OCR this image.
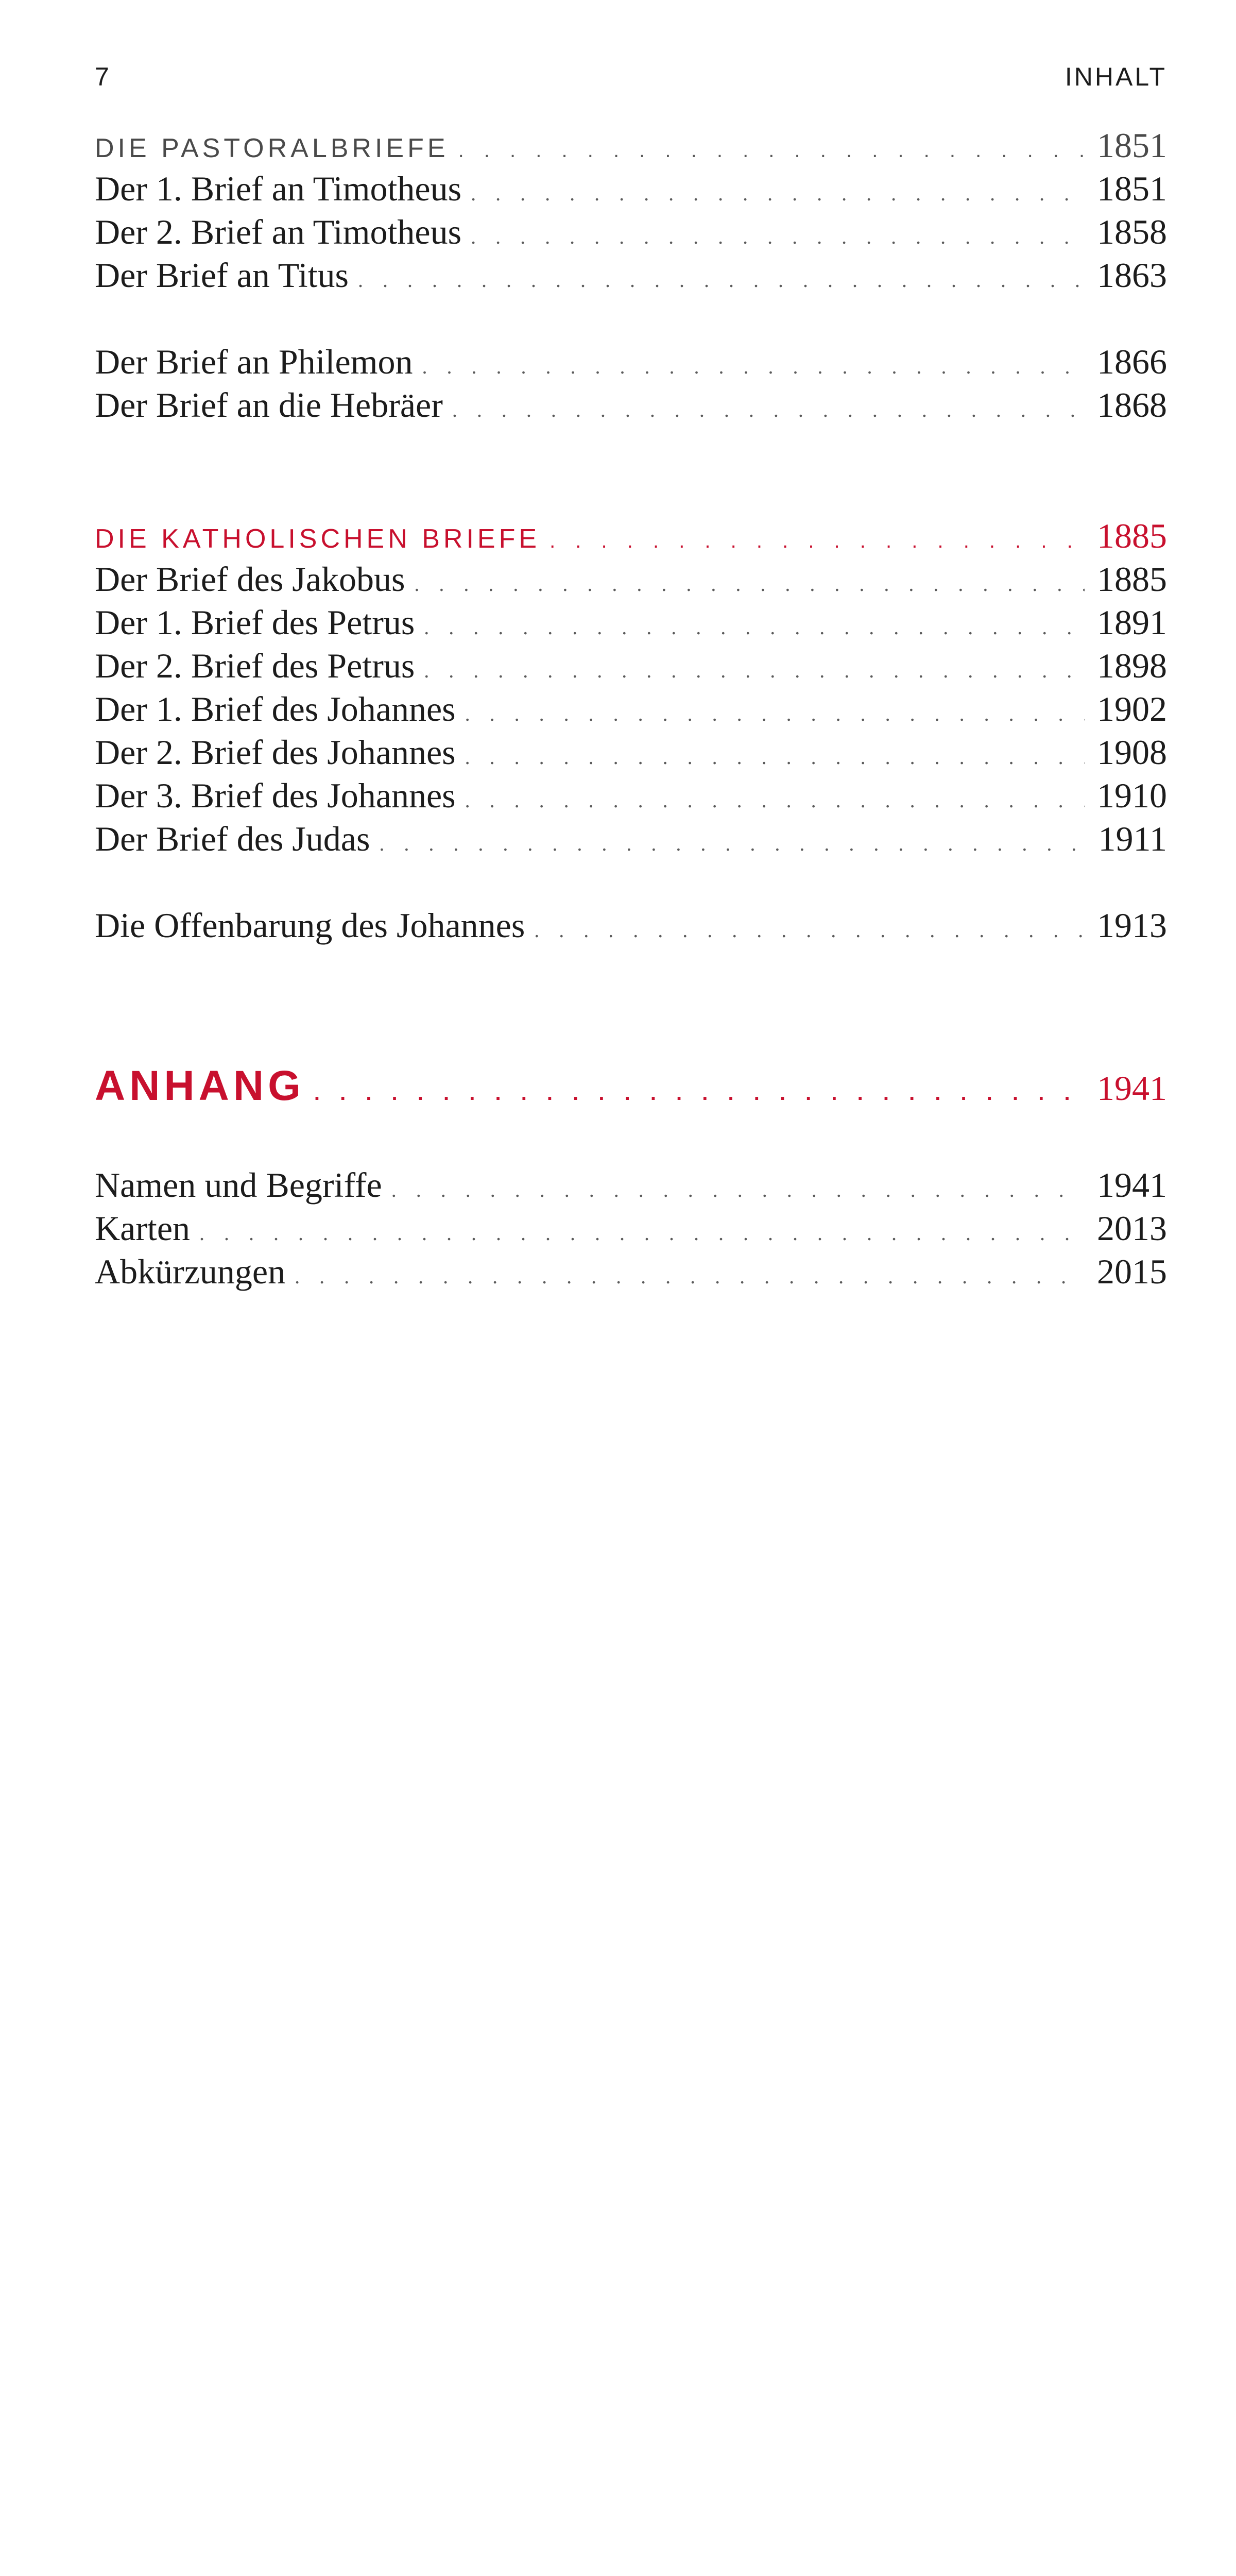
7	INHALT
DIE PASTORALBRIEFE . . .	1851
Der 1. Brief an Timotheus . . .	1851
Der 2. Brief an Timotheus . . .	1858
Der Brief an Titus . . .	1863
Der Brief an Philemon . . .	1866
Der Brief an die Hebräer . . .	1868
DIE KATHOLISCHEN BRIEFE . . .	1885
Der Brief des Jakobus . . .	1885
Der 1. Brief des Petrus . . .	1891
Der 2. Brief des Petrus . . .	1898
Der 1. Brief des Johannes . . .	1902
Der 2. Brief des Johannes . . .	1908
Der 3. Brief des Johannes . . .	1910
Der Brief des Judas . . .	1911
Die Offenbarung des Johannes . . .	1913
ANHANG . . .	1941
Namen und Begriffe . . .	1941
Karten . . .	2013
Abkürzungen . . .	2015
